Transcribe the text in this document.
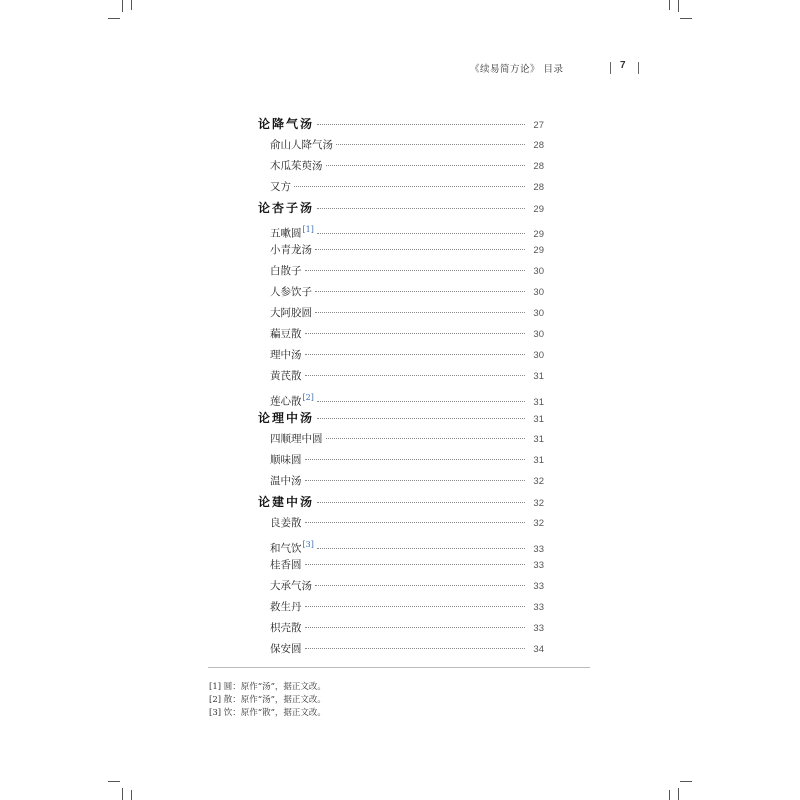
《续易简方论》 目录	7
论降气汤	27
俞山人降气汤	28
木瓜茱萸汤	28
又方	28
论杏子汤	29
五嗽圆[1]	29
小青龙汤	29
白散子	30
人参饮子	30
大阿胶圆	30
藊豆散	30
理中汤	30
黄芪散	31
莲心散[2]	31
论理中汤	31
四顺理中圆	31
顺味圆	31
温中汤	32
论建中汤	32
良姜散	32
和气饮[3]	33
桂香圆	33
大承气汤	33
救生丹	33
枳壳散	33
保安圆	34
[1] 圆：原作“汤”，据正文改。
[2] 散：原作“汤”，据正文改。
[3] 饮：原作“散”，据正文改。
